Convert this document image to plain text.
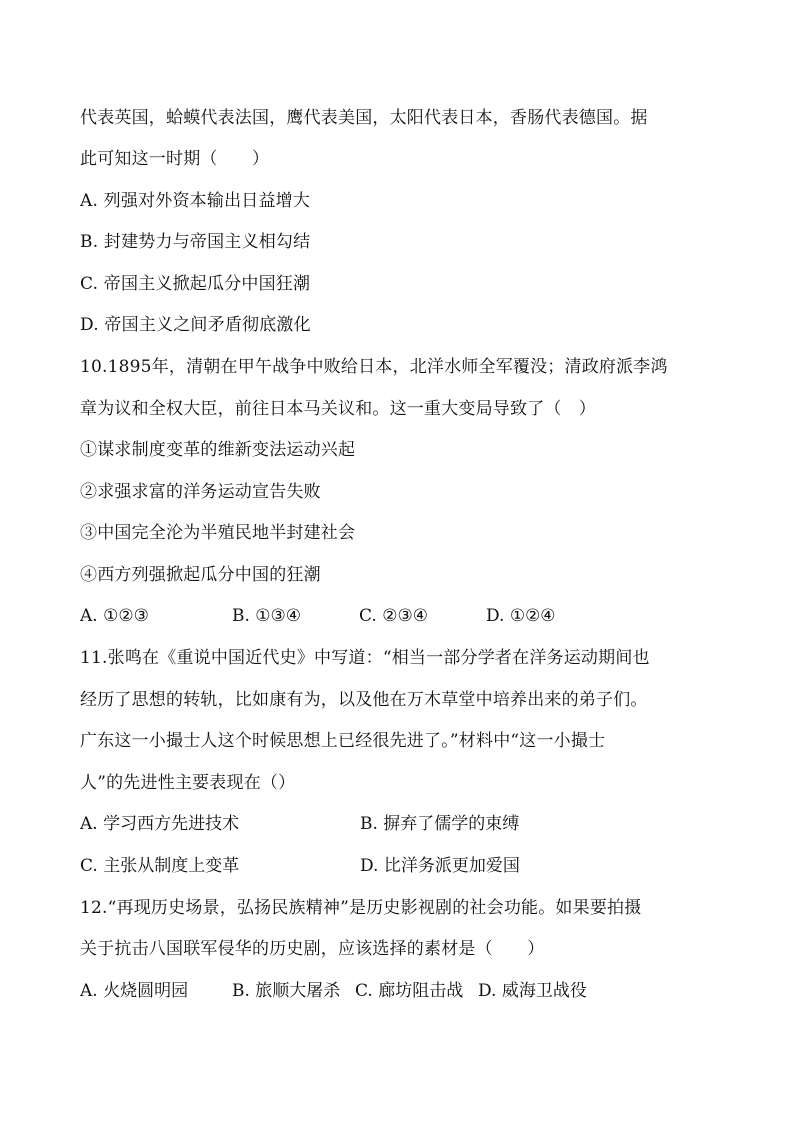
代表英国，蛤蟆代表法国，鹰代表美国，太阳代表日本，香肠代表德国。据
此可知这一时期（　　）
A. 列强对外资本输出日益增大
B. 封建势力与帝国主义相勾结
C. 帝国主义掀起瓜分中国狂潮
D. 帝国主义之间矛盾彻底激化
10.1895年，清朝在甲午战争中败给日本，北洋水师全军覆没；清政府派李鸿
章为议和全权大臣，前往日本马关议和。这一重大变局导致了（　）
①谋求制度变革的维新变法运动兴起
②求强求富的洋务运动宣告失败
③中国完全沦为半殖民地半封建社会
④西方列强掀起瓜分中国的狂潮
A. ①②③	B. ①③④	C. ②③④	D. ①②④
11.张鸣在《重说中国近代史》中写道：“相当一部分学者在洋务运动期间也
经历了思想的转轨，比如康有为，以及他在万木草堂中培养出来的弟子们。
广东这一小撮士人这个时候思想上已经很先进了。”材料中“这一小撮士
人”的先进性主要表现在（）
A. 学习西方先进技术	B. 摒弃了儒学的束缚
C. 主张从制度上变革	D. 比洋务派更加爱国
12.“再现历史场景，弘扬民族精神”是历史影视剧的社会功能。如果要拍摄
关于抗击八国联军侵华的历史剧，应该选择的素材是（　　）
A. 火烧圆明园	B. 旅顺大屠杀 C. 廊坊阻击战 D. 威海卫战役
